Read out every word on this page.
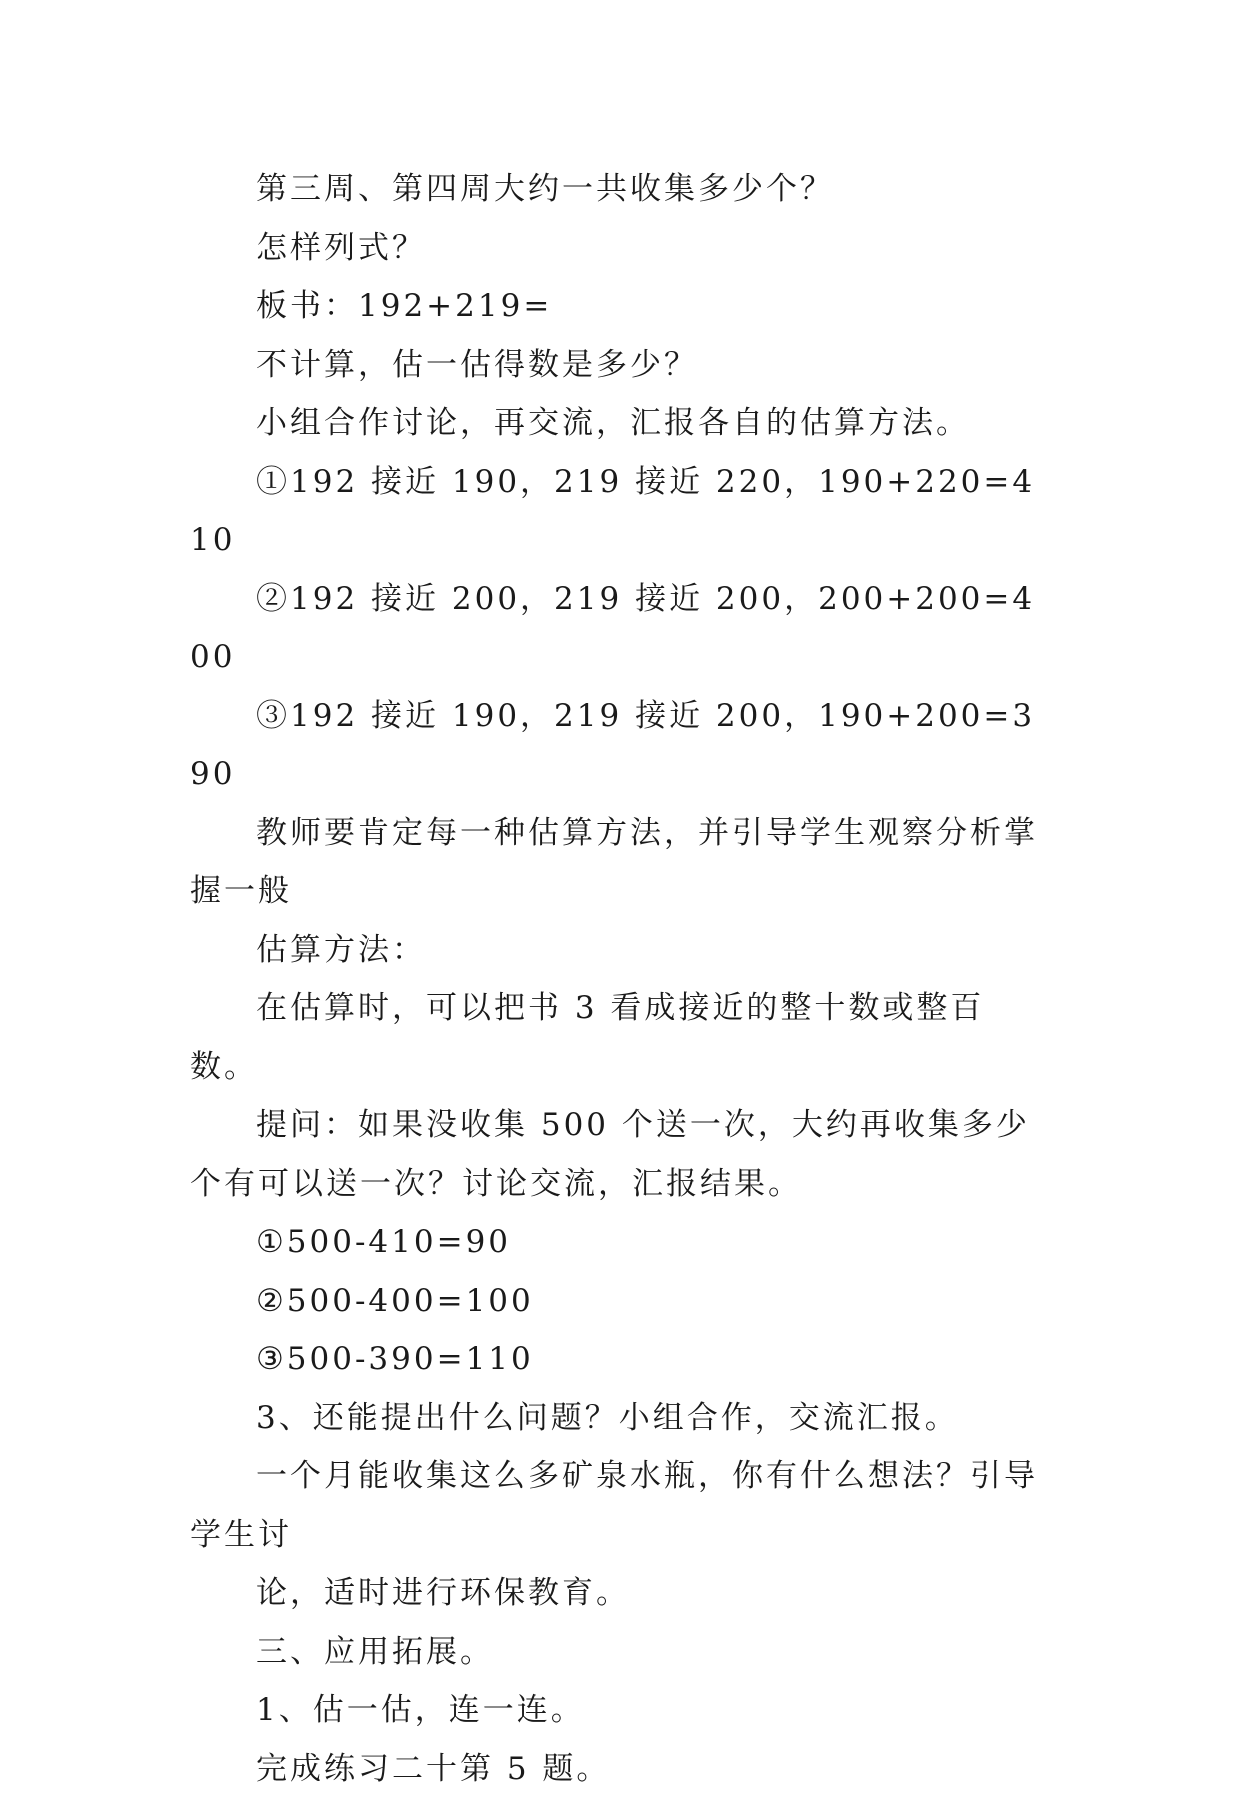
第三周、第四周大约一共收集多少个？

怎样列式？

板书：192+219=

不计算，估一估得数是多少？

小组合作讨论，再交流，汇报各自的估算方法。

①192 接近 190，219 接近 220，190+220=410

②192 接近 200，219 接近 200，200+200=400

③192 接近 190，219 接近 200，190+200=390

教师要肯定每一种估算方法，并引导学生观察分析掌握一般

估算方法：

在估算时，可以把书 3 看成接近的整十数或整百数。

提问：如果没收集 500 个送一次，大约再收集多少个有可以送一次？讨论交流，汇报结果。

①500-410=90

②500-400=100

③500-390=110

3、还能提出什么问题？小组合作，交流汇报。

一个月能收集这么多矿泉水瓶，你有什么想法？引导学生讨

论，适时进行环保教育。

三、应用拓展。

1、估一估，连一连。

完成练习二十第 5 题。
